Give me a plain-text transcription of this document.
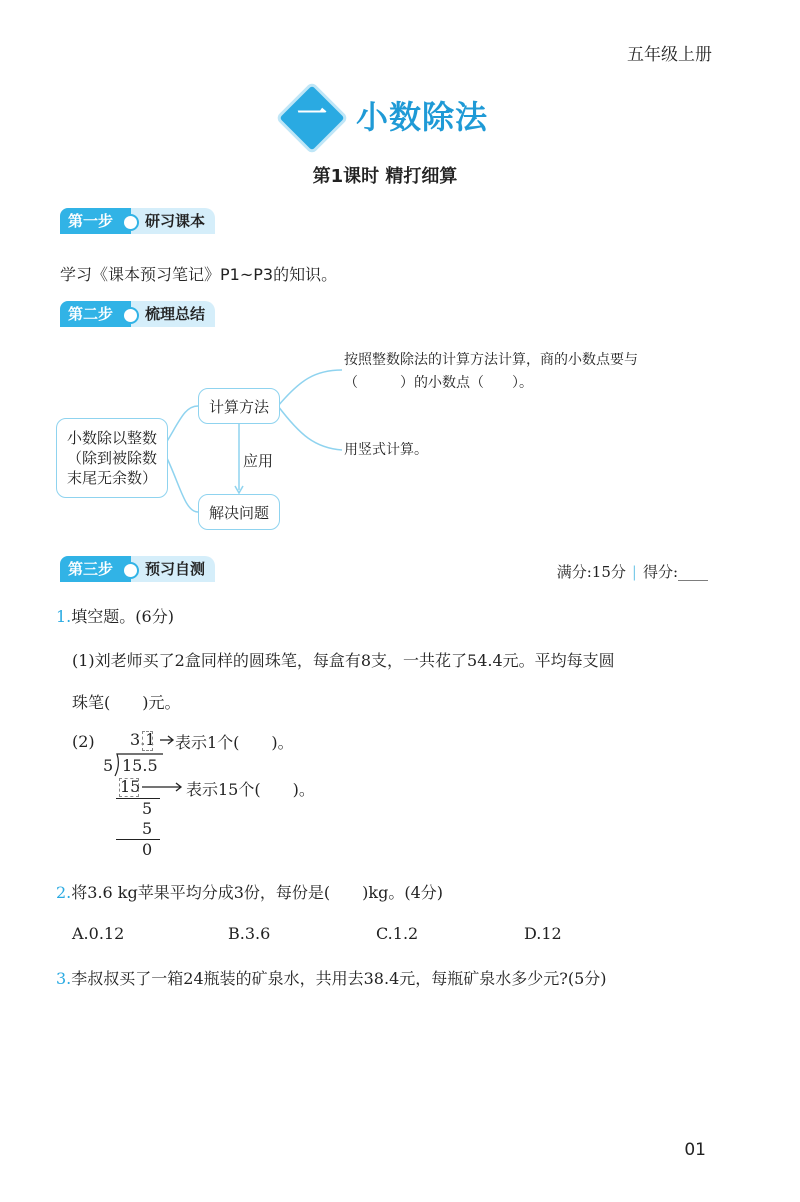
五年级上册
一 小数除法
第1课时 精打细算
第一步	研习课本
学习《课本预习笔记》P1~P3的知识。
第二步	梳理总结
小数除以整数
（除到被除数
末尾无余数）
计算方法
解决问题
应用
按照整数除法的计算方法计算，商的小数点要与
（　　　）的小数点（　　）。
用竖式计算。
第三步	预习自测	满分:15分 | 得分:____
1.填空题。(6分)
(1)刘老师买了2盒同样的圆珠笔，每盒有8支，一共花了54.4元。平均每支圆
珠笔(　　)元。
(2) 3.1 表示1个(　　)。
5 15.5
15	表示15个(　　)。
5
5
0
2.将3.6 kg苹果平均分成3份，每份是(　　)kg。(4分)
A.0.12	B.3.6	C.1.2	D.12
3.李叔叔买了一箱24瓶装的矿泉水，共用去38.4元，每瓶矿泉水多少元?(5分)
01
